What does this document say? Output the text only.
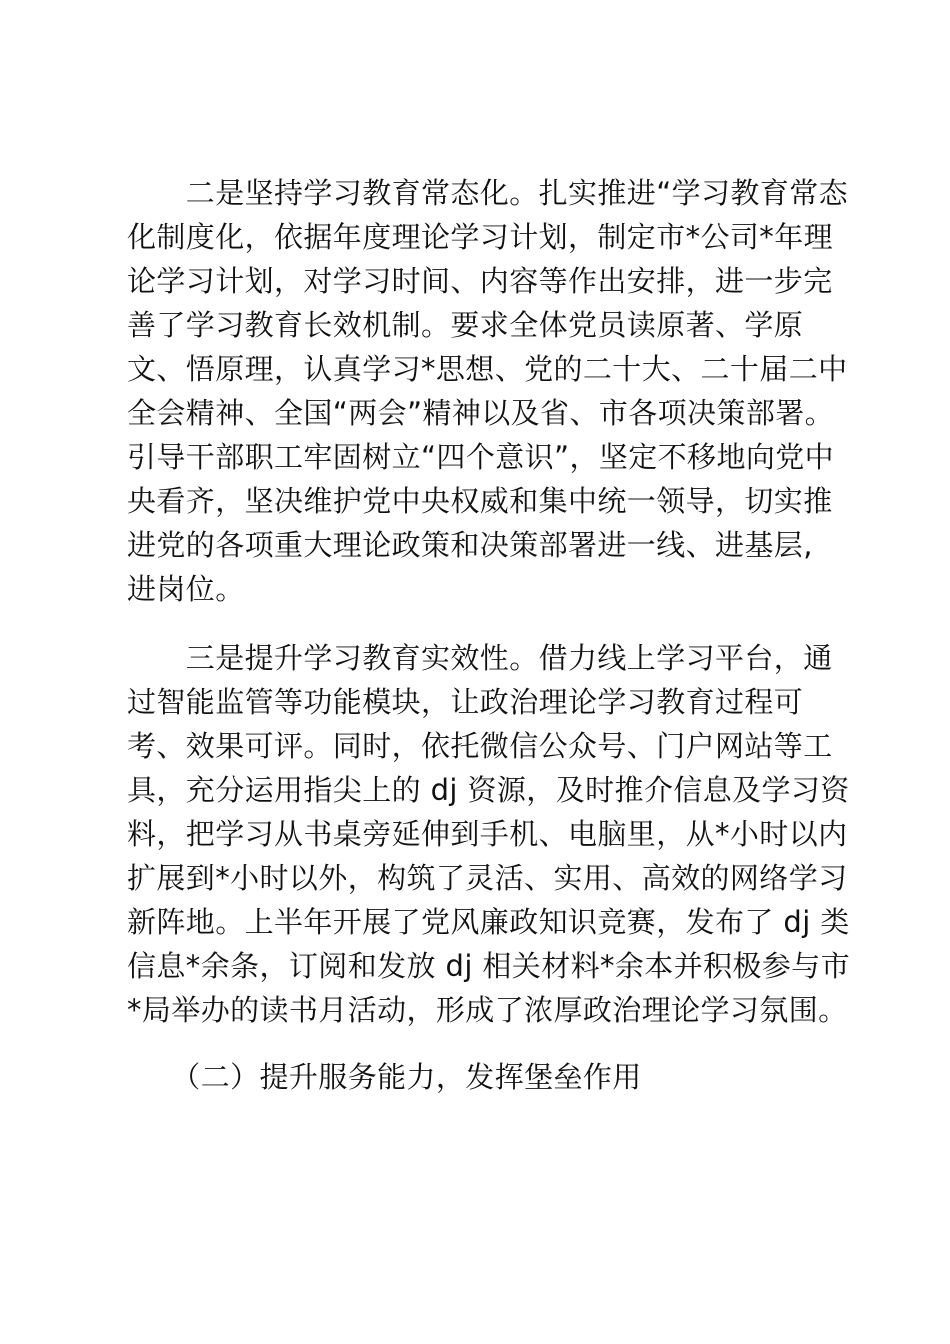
　　二是坚持学习教育常态化。扎实推进“学习教育常态
化制度化，依据年度理论学习计划，制定市*公司*年理
论学习计划，对学习时间、内容等作出安排，进一步完
善了学习教育长效机制。要求全体党员读原著、学原
文、悟原理，认真学习*思想、党的二十大、二十届二中
全会精神、全国“两会”精神以及省、市各项决策部署。
引导干部职工牢固树立“四个意识”，坚定不移地向党中
央看齐，坚决维护党中央权威和集中统一领导，切实推
进党的各项重大理论政策和决策部署进一线、进基层,
进岗位。
　　三是提升学习教育实效性。借力线上学习平台，通
过智能监管等功能模块，让政治理论学习教育过程可
考、效果可评。同时，依托微信公众号、门户网站等工
具，充分运用指尖上的 dj 资源，及时推介信息及学习资
料，把学习从书桌旁延伸到手机、电脑里，从*小时以内
扩展到*小时以外，构筑了灵活、实用、高效的网络学习
新阵地。上半年开展了党风廉政知识竞赛，发布了 dj 类
信息*余条，订阅和发放 dj 相关材料*余本并积极参与市
*局举办的读书月活动，形成了浓厚政治理论学习氛围。
　　（二）提升服务能力，发挥堡垒作用
